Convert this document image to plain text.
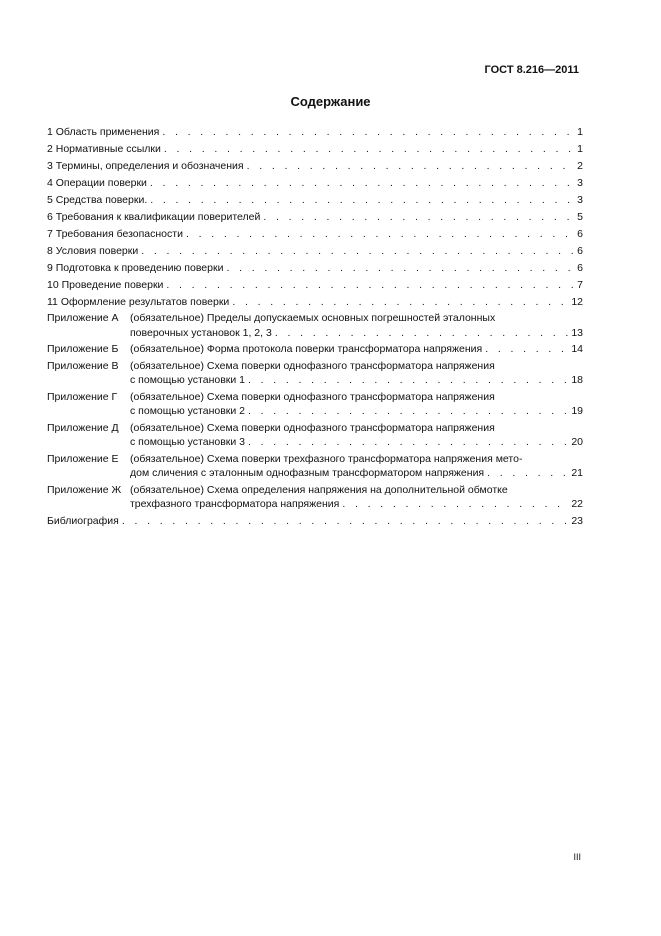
ГОСТ 8.216—2011
Содержание
1 Область применения . . .	1
2 Нормативные ссылки . . .	1
3 Термины, определения и обозначения . . .	2
4 Операции поверки . . .	3
5 Средства поверки. . . .	3
6 Требования к квалификации поверителей . . .	5
7 Требования безопасности . . .	6
8 Условия поверки . . .	6
9 Подготовка к проведению поверки . . .	6
10 Проведение поверки . . .	7
11 Оформление результатов поверки . . .	12
Приложение А	(обязательное) Пределы допускаемых основных погрешностей эталонных
поверочных установок 1, 2, 3 . . .	13
Приложение Б	(обязательное) Форма протокола поверки трансформатора напряжения . . .	14
Приложение В	(обязательное) Схема поверки однофазного трансформатора напряжения
с помощью установки 1 . . .	18
Приложение Г	(обязательное) Схема поверки однофазного трансформатора напряжения
с помощью установки 2 . . .	19
Приложение Д	(обязательное) Схема поверки однофазного трансформатора напряжения
с помощью установки 3 . . .	20
Приложение Е	(обязательное) Схема поверки трехфазного трансформатора напряжения мето-
дом сличения с эталонным однофазным трансформатором напряжения . . .	21
Приложение Ж (обязательное) Схема определения напряжения на дополнительной обмотке
трехфазного трансформатора напряжения . . .	22
Библиография . . .	23
III
